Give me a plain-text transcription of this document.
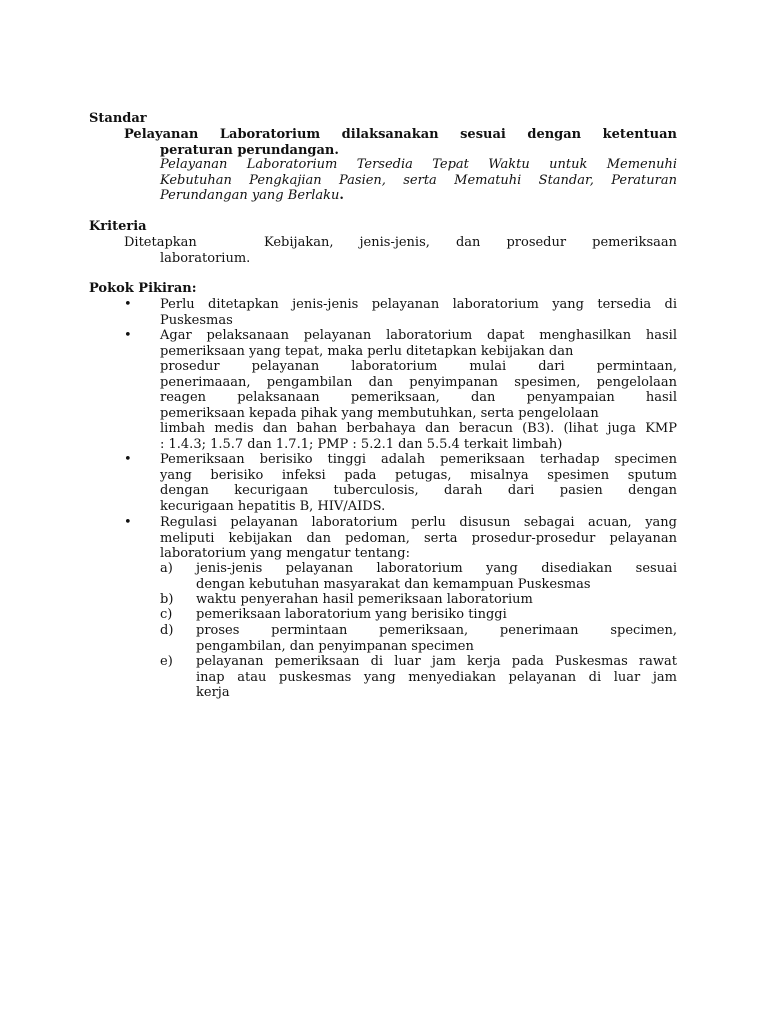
Standar
Pelayanan Laboratorium dilaksanakan sesuai dengan ketentuan
peraturan perundangan.
Pelayanan Laboratorium Tersedia Tepat Waktu untuk Memenuhi
Kebutuhan Pengkajian Pasien, serta Mematuhi Standar, Peraturan
Perundangan yang Berlaku.
Kriteria
Ditetapkan	Kebijakan, jenis-jenis, dan prosedur pemeriksaan
laboratorium.
Pokok Pikiran:
• Perlu ditetapkan jenis-jenis pelayanan laboratorium yang tersedia di
Puskesmas
• Agar pelaksanaan pelayanan laboratorium dapat menghasilkan hasil
pemeriksaan yang tepat, maka perlu ditetapkan kebijakan dan
prosedur pelayanan laboratorium mulai dari permintaan,
penerimaaan, pengambilan dan penyimpanan spesimen, pengelolaan
reagen pelaksanaan pemeriksaan, dan penyampaian hasil
pemeriksaan kepada pihak yang membutuhkan, serta pengelolaan
limbah medis dan bahan berbahaya dan beracun (B3). (lihat juga KMP
: 1.4.3; 1.5.7 dan 1.7.1; PMP : 5.2.1 dan 5.5.4 terkait limbah)
• Pemeriksaan berisiko tinggi adalah pemeriksaan terhadap specimen
yang berisiko infeksi pada petugas, misalnya spesimen sputum
dengan kecurigaan tuberculosis, darah dari pasien dengan
kecurigaan hepatitis B, HIV/AIDS.
• Regulasi pelayanan laboratorium perlu disusun sebagai acuan, yang
meliputi kebijakan dan pedoman, serta prosedur-prosedur pelayanan
laboratorium yang mengatur tentang:
a)	jenis-jenis pelayanan laboratorium yang disediakan sesuai
dengan kebutuhan masyarakat dan kemampuan Puskesmas
b)	waktu penyerahan hasil pemeriksaan laboratorium
c)	pemeriksaan laboratorium yang berisiko tinggi
d)	proses permintaan pemeriksaan, penerimaan specimen,
pengambilan, dan penyimpanan specimen
e)	pelayanan pemeriksaan di luar jam kerja pada Puskesmas rawat
inap atau puskesmas yang menyediakan pelayanan di luar jam
kerja
